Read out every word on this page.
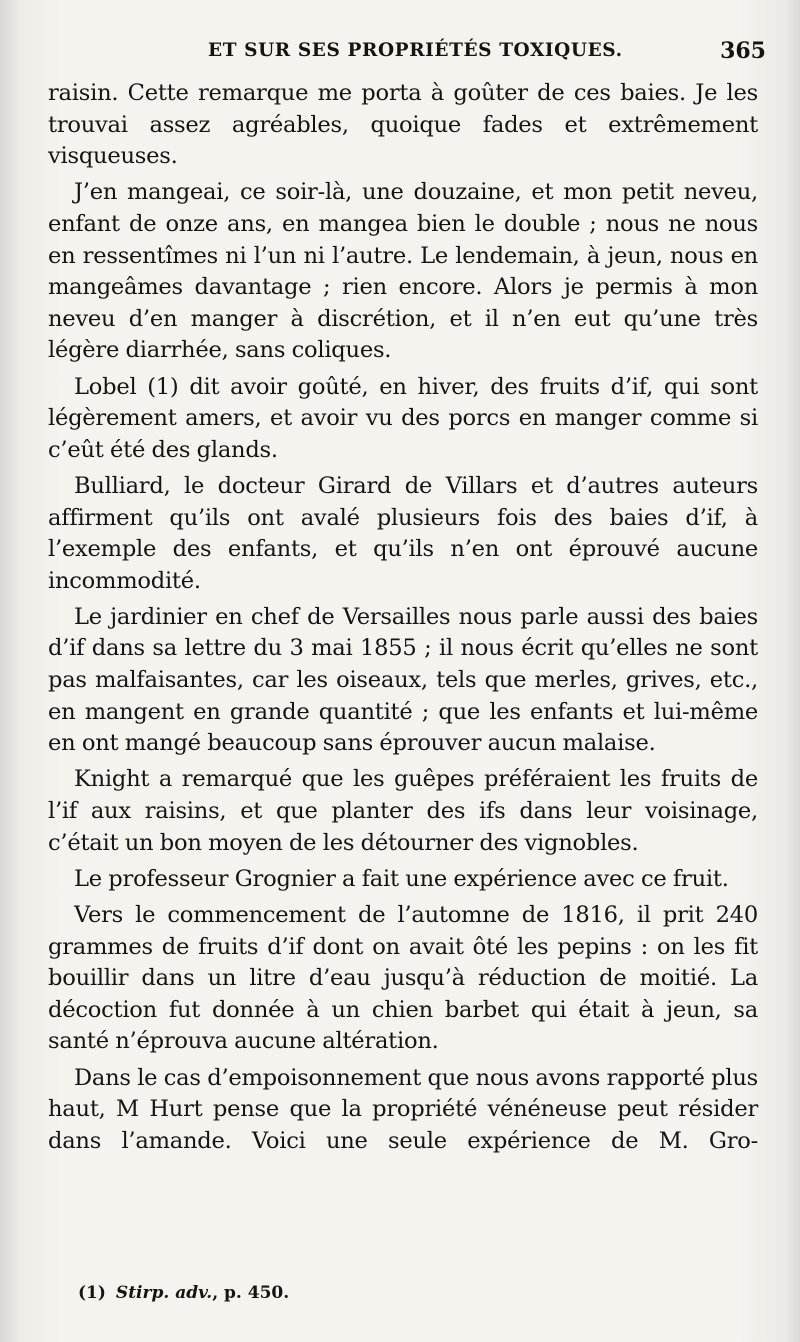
ET SUR SES PROPRIÉTÉS TOXIQUES.	365

raisin. Cette remarque me porta à goûter de ces baies. Je les trouvai assez agréables, quoique fades et extrêmement visqueuses.

J’en mangeai, ce soir-là, une douzaine, et mon petit neveu, enfant de onze ans, en mangea bien le double ; nous ne nous en ressentîmes ni l’un ni l’autre. Le lendemain, à jeun, nous en mangeâmes davantage ; rien encore. Alors je permis à mon neveu d’en manger à discrétion, et il n’en eut qu’une très légère diarrhée, sans coliques.

Lobel (1) dit avoir goûté, en hiver, des fruits d’if, qui sont légèrement amers, et avoir vu des porcs en manger comme si c’eût été des glands.

Bulliard, le docteur Girard de Villars et d’autres auteurs affirment qu’ils ont avalé plusieurs fois des baies d’if, à l’exemple des enfants, et qu’ils n’en ont éprouvé aucune incommodité.

Le jardinier en chef de Versailles nous parle aussi des baies d’if dans sa lettre du 3 mai 1855 ; il nous écrit qu’elles ne sont pas malfaisantes, car les oiseaux, tels que merles, grives, etc., en mangent en grande quantité ; que les enfants et lui-même en ont mangé beaucoup sans éprouver aucun malaise.

Knight a remarqué que les guêpes préféraient les fruits de l’if aux raisins, et que planter des ifs dans leur voisinage, c’était un bon moyen de les détourner des vignobles.

Le professeur Grognier a fait une expérience avec ce fruit.

Vers le commencement de l’automne de 1816, il prit 240 grammes de fruits d’if dont on avait ôté les pepins : on les fit bouillir dans un litre d’eau jusqu’à réduction de moitié. La décoction fut donnée à un chien barbet qui était à jeun, sa santé n’éprouva aucune altération.

Dans le cas d’empoisonnement que nous avons rapporté plus haut, M Hurt pense que la propriété vénéneuse peut résider dans l’amande. Voici une seule expérience de M. Gro-

(1) Stirp. adv., p. 450.
